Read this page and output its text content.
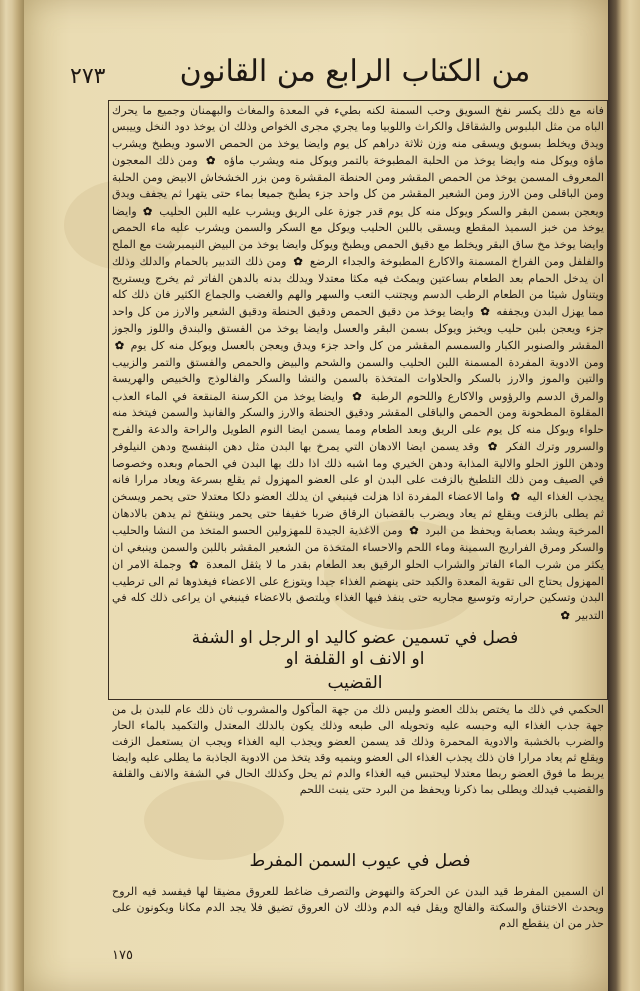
من الكتاب الرابع من القانون
٢٧٣

فانه مع ذلك يكسر نفخ السويق وحب السمنة لكنه بطيء في المعدة والمغاث والبهمنان وجميع ما يحرك الباه من مثل البلبوس والشقاقل والكراث واللوبيا وما يجري مجرى الخواص وذلك ان يوخذ دود النخل وييبس ويدق ويخلط بسويق ويسقى منه وزن ثلاثة دراهم كل يوم وايضا يوخذ من الحمص الاسود ويطبخ ويشرب ماؤه ويوكل منه وايضا يوخذ من الحلبة المطبوخة بالتمر ويوكل منه ويشرب ماؤه ✿ ومن ذلك المعجون المعروف المسمن يوخذ من الحمص المقشر ومن الحنطة المقشرة ومن بزر الخشخاش الابيض ومن الحلبة ومن الباقلى ومن الارز ومن الشعير المقشر من كل واحد جزء يطبخ جميعا بماء حتى يتهرا ثم يجفف ويدق ويعجن بسمن البقر والسكر ويوكل منه كل يوم قدر جوزة على الريق ويشرب عليه اللبن الحليب ✿ وايضا يوخذ من خبز السميذ المقطع ويسقى باللبن الحليب ويوكل مع السكر والسمن ويشرب عليه ماء الحمص وايضا يوخذ مخ ساق البقر ويخلط مع دقيق الحمص ويطبخ ويوكل وايضا يوخذ من البيض النيمبرشت مع الملح والفلفل ومن الفراخ المسمنة والاكارع المطبوخة والجداء الرضع ✿ ومن ذلك التدبير بالحمام والدلك وذلك ان يدخل الحمام بعد الطعام بساعتين ويمكث فيه مكثا معتدلا ويدلك بدنه بالدهن الفاتر ثم يخرج ويستريح ويتناول شيئا من الطعام الرطب الدسم ويجتنب التعب والسهر والهم والغضب والجماع الكثير فان ذلك كله مما يهزل البدن ويجففه ✿ وايضا يوخذ من دقيق الحمص ودقيق الحنطة ودقيق الشعير والارز من كل واحد جزء ويعجن بلبن حليب ويخبز ويوكل بسمن البقر والعسل وايضا يوخذ من الفستق والبندق واللوز والجوز المقشر والصنوبر الكبار والسمسم المقشر من كل واحد جزء ويدق ويعجن بالعسل ويوكل منه كل يوم ✿ ومن الادوية المفردة المسمنة اللبن الحليب والسمن والشحم والبيض والحمص والفستق والتمر والزبيب والتين والموز والارز بالسكر والحلاوات المتخذة بالسمن والنشا والسكر والفالوذج والخبيص والهريسة والمرق الدسم والرؤوس والاكارع واللحوم الرطبة ✿ وايضا يوخذ من الكرسنة المنقعة في الماء العذب المقلوة المطحونة ومن الحمص والباقلى المقشر ودقيق الحنطة والارز والسكر والفانيذ والسمن فيتخذ منه حلواء ويوكل منه كل يوم على الريق وبعد الطعام ومما يسمن ايضا النوم الطويل والراحة والدعة والفرح والسرور وترك الفكر ✿ وقد يسمن ايضا الادهان التي يمرخ بها البدن مثل دهن البنفسج ودهن النيلوفر ودهن اللوز الحلو والالية المذابة ودهن الخيري وما اشبه ذلك اذا دلك بها البدن في الحمام وبعده وخصوصا في الصيف ومن ذلك التلطيخ بالزفت على البدن او على العضو المهزول ثم يقلع بسرعة ويعاد مرارا فانه يجذب الغذاء اليه ✿ واما الاعضاء المفردة اذا هزلت فينبغي ان يدلك العضو دلكا معتدلا حتى يحمر ويسخن ثم يطلى بالزفت ويقلع ثم يعاد ويضرب بالقضبان الرقاق ضربا خفيفا حتى يحمر وينتفخ ثم يدهن بالادهان المرخية ويشد بعصابة ويحفظ من البرد ✿ ومن الاغذية الجيدة للمهزولين الحسو المتخذ من النشا والحليب والسكر ومرق الفراريج السمينة وماء اللحم والاحساء المتخذة من الشعير المقشر باللبن والسمن وينبغي ان يكثر من شرب الماء الفاتر والشراب الحلو الرقيق بعد الطعام بقدر ما لا يثقل المعدة ✿ وجملة الامر ان المهزول يحتاج الى تقوية المعدة والكبد حتى ينهضم الغذاء جيدا ويتوزع على الاعضاء فيغذوها ثم الى ترطيب البدن وتسكين حرارته وتوسيع مجاريه حتى ينفذ فيها الغذاء ويلتصق بالاعضاء فينبغي ان يراعى ذلك كله في التدبير ✿

فصل في تسمين عضو كاليد او الرجل او الشفة
او الانف او القلفة او
القضيب
الحكمي في ذلك ما يختص بذلك العضو وليس ذلك من جهة المأكول والمشروب ثان ذلك عام للبدن بل من جهة جذب الغذاء اليه وحبسه عليه وتحويله الى طبعه وذلك يكون بالدلك المعتدل والتكميد بالماء الحار والضرب بالخشبة والادوية المحمرة وذلك قد يسمن العضو ويجذب اليه الغذاء ويجب ان يستعمل الزفت ويقلع ثم يعاد مرارا فان ذلك يجذب الغذاء الى العضو وينميه وقد يتخذ من الادوية الجاذبة ما يطلى عليه وايضا يربط ما فوق العضو ربطا معتدلا ليحتبس فيه الغذاء والدم ثم يحل وكذلك الحال في الشفة والانف والقلفة والقضيب فيدلك ويطلى بما ذكرنا ويحفظ من البرد حتى ينبت اللحم
فصل في عيوب السمن المفرط
ان السمين المفرط قيد البدن عن الحركة والنهوض والتصرف ضاغط للعروق مضيقا لها فيفسد فيه الروح ويحدث الاختناق والسكتة والفالج ويقل فيه الدم وذلك لان العروق تضيق فلا يجد الدم مكانا ويكونون على حذر من ان ينقطع الدم
١٧٥
